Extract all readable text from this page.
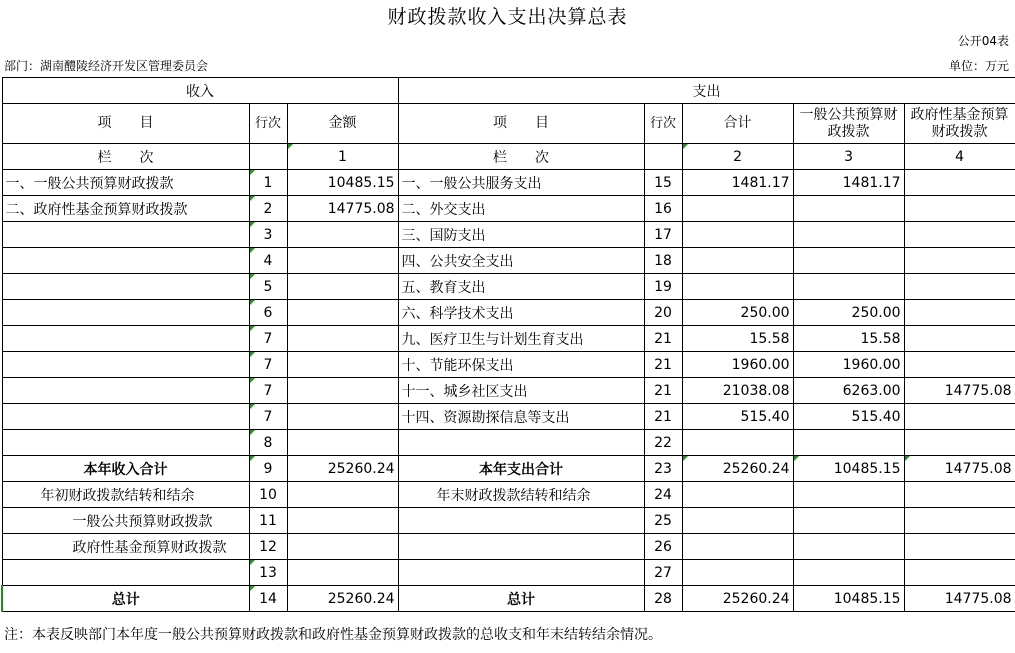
财政拨款收入支出决算总表
公开04表
部门：湖南醴陵经济开发区管理委员会	单位：万元
收入			支出				
项　　目	行次	金额	项　　目	行次	合计	一般公共预算财政拨款	政府性基金预算财政拨款
栏　　次		1	栏　　次		2	3	4
一、一般公共预算财政拨款	1	10485.15	一、一般公共服务支出	15	1481.17	1481.17	
二、政府性基金预算财政拨款	2	14775.08	二、外交支出	16			
	3		三、国防支出	17			
	4		四、公共安全支出	18			
	5		五、教育支出	19			
	6		六、科学技术支出	20	250.00	250.00	
	7		九、医疗卫生与计划生育支出	21	15.58	15.58	
	7		十、节能环保支出	21	1960.00	1960.00	
	7		十一、城乡社区支出	21	21038.08	6263.00	14775.08
	7		十四、资源勘探信息等支出	21	515.40	515.40	
	8			22			
本年收入合计	9	25260.24	本年支出合计	23	25260.24	10485.15	14775.08
年初财政拨款结转和结余	10		年末财政拨款结转和结余	24			
一般公共预算财政拨款	11			25			
政府性基金预算财政拨款	12			26			
	13			27			
总计	14	25260.24	总计	28	25260.24	10485.15	14775.08
注：本表反映部门本年度一般公共预算财政拨款和政府性基金预算财政拨款的总收支和年末结转结余情况。
